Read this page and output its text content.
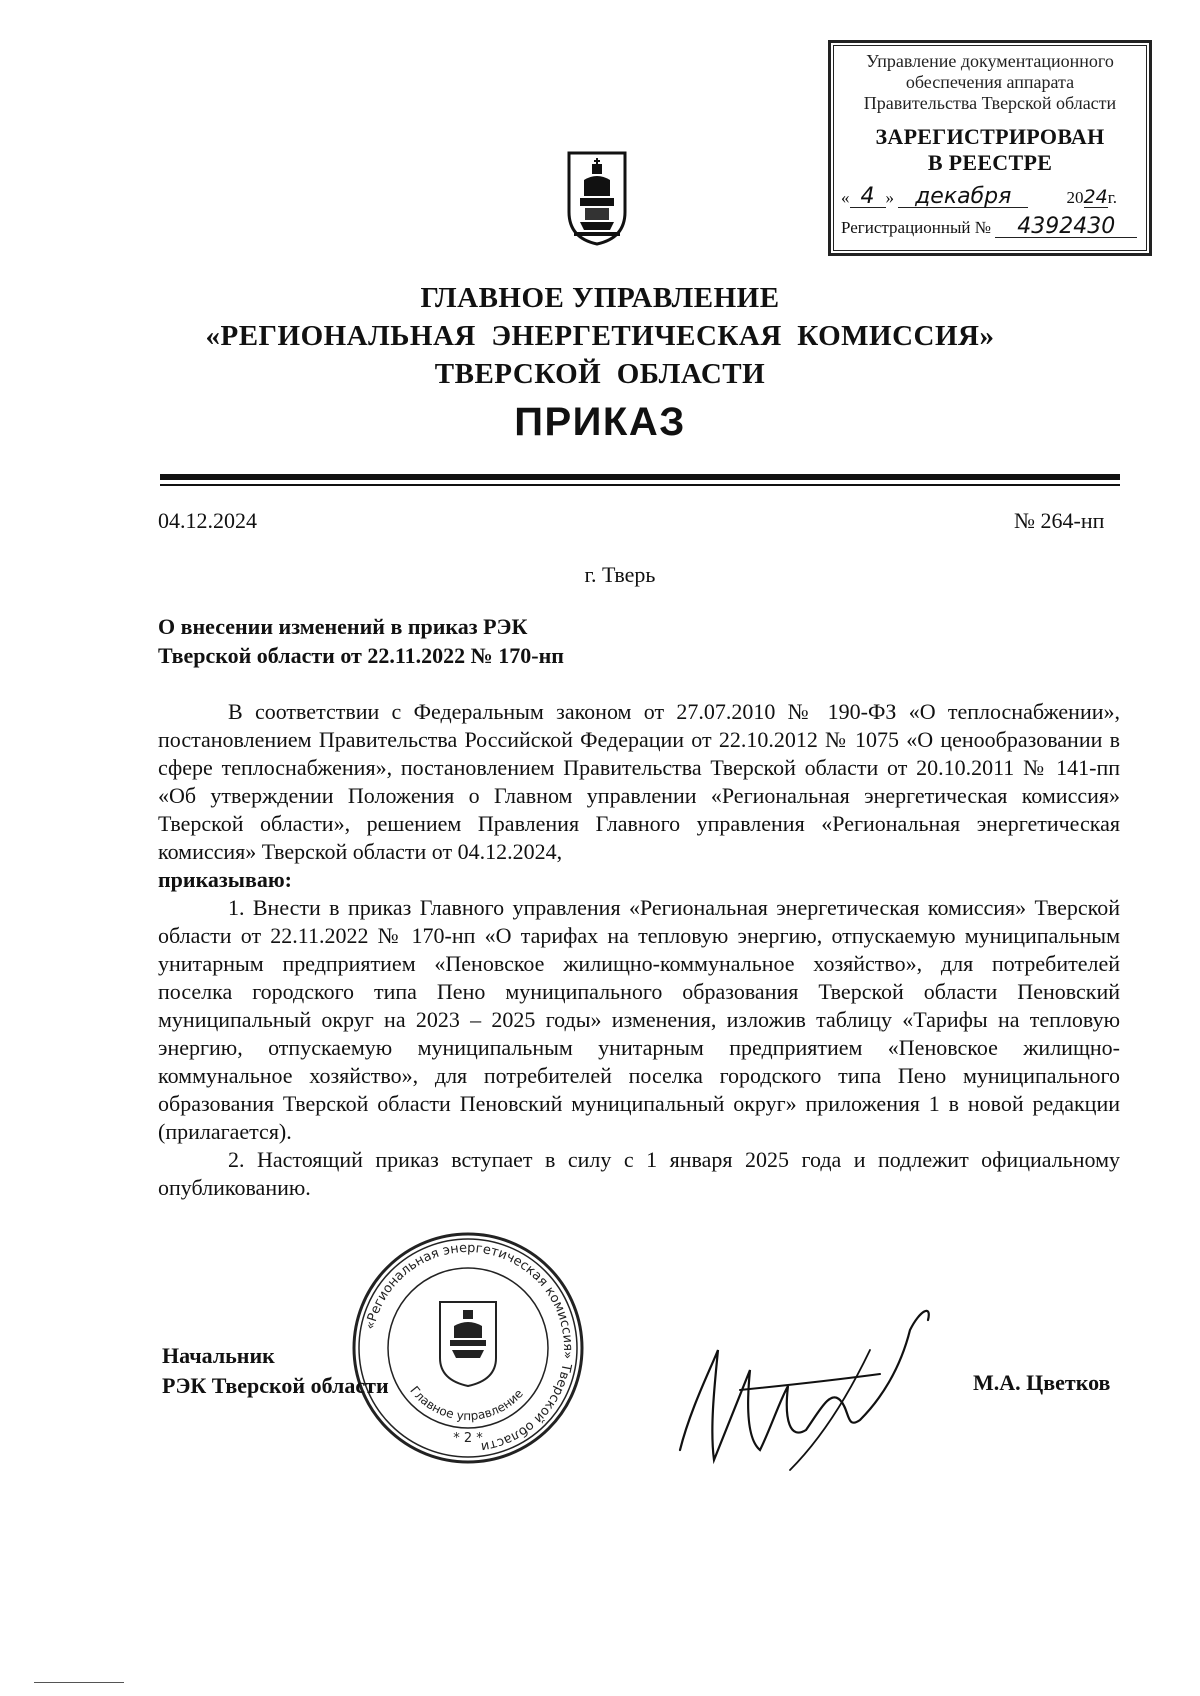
Управление документационного
обеспечения аппарата
Правительства Тверской области
ЗАРЕГИСТРИРОВАН
В РЕЕСТРЕ
« 4 » декабря	2024г.
Регистрационный № 4392430
ГЛАВНОЕ УПРАВЛЕНИЕ
«РЕГИОНАЛЬНАЯ  ЭНЕРГЕТИЧЕСКАЯ  КОМИССИЯ»
ТВЕРСКОЙ  ОБЛАСТИ
ПРИКАЗ
04.12.2024	№ 264-нп
г. Тверь
О внесении изменений в приказ РЭК
Тверской области от 22.11.2022 № 170-нп

В соответствии с Федеральным законом от 27.07.2010 № 190-ФЗ «О теплоснабжении», постановлением Правительства Российской Федерации от 22.10.2012 № 1075 «О ценообразовании в сфере теплоснабжения», постановлением Правительства Тверской области от 20.10.2011 № 141-пп «Об утверждении Положения о Главном управлении «Региональная энергетическая комиссия» Тверской области», решением Правления Главного управления «Региональная энергетическая комиссия» Тверской области от 04.12.2024,

приказываю:

1. Внести в приказ Главного управления «Региональная энергетическая комиссия» Тверской области от 22.11.2022 № 170-нп «О тарифах на тепловую энергию, отпускаемую муниципальным унитарным предприятием «Пеновское жилищно-коммунальное хозяйство», для потребителей поселка городского типа Пено муниципального образования Тверской области Пеновский муниципальный округ на 2023 – 2025 годы» изменения, изложив таблицу «Тарифы на тепловую энергию, отпускаемую муниципальным унитарным предприятием «Пеновское жилищно-коммунальное хозяйство», для потребителей поселка городского типа Пено муниципального образования Тверской области Пеновский муниципальный округ» приложения 1 в новой редакции (прилагается).

2. Настоящий приказ вступает в силу с 1 января 2025 года и подлежит официальному опубликованию.

«Региональная энергетическая комиссия» Тверской области
Главное управление
* 2 *
Начальник
РЭК Тверской области	М.А. Цветков
